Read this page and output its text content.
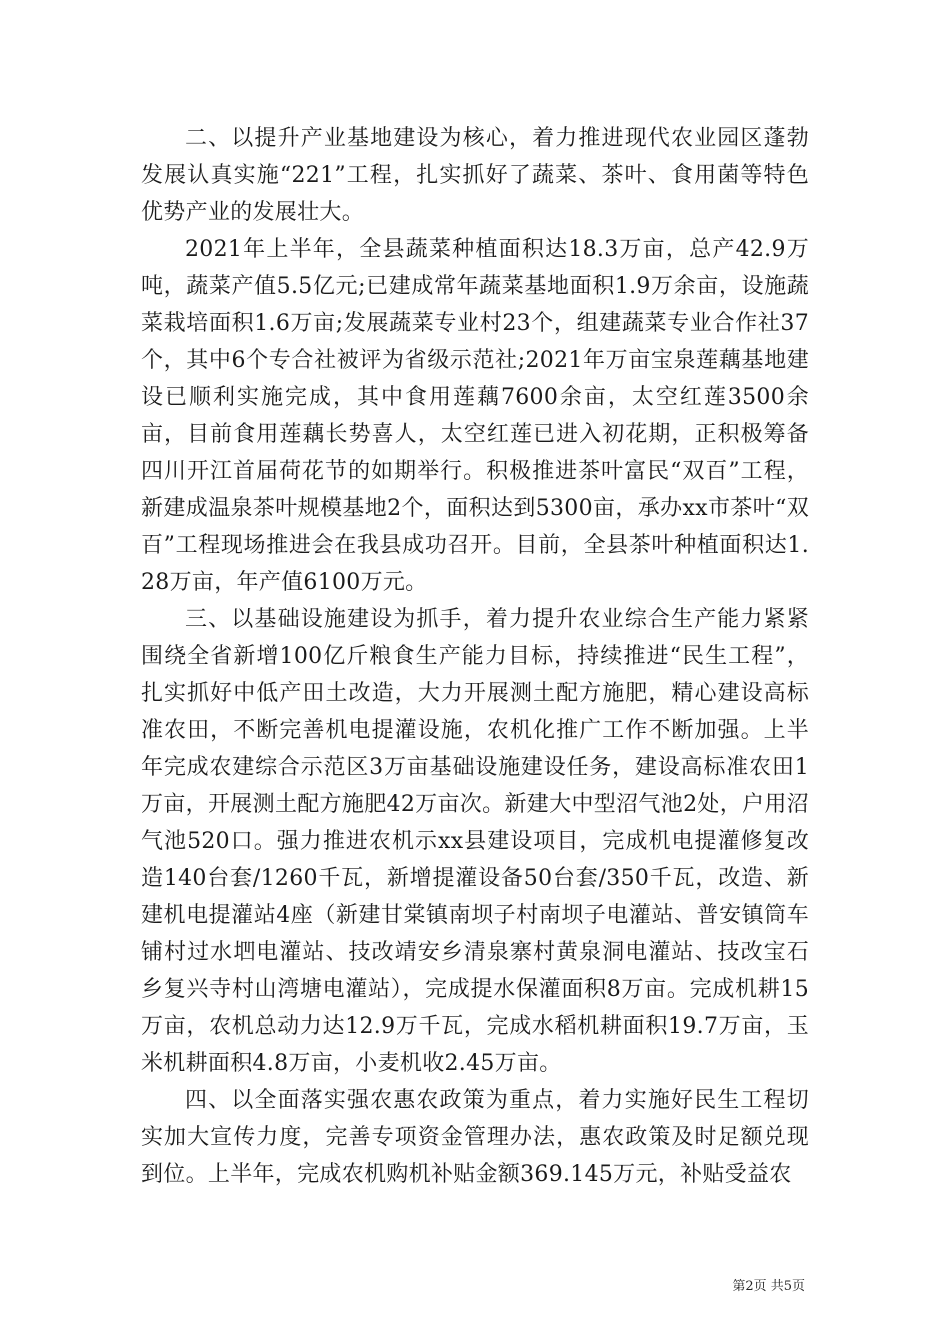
二、以提升产业基地建设为核心，着力推进现代农业园区蓬勃发展认真实施“221”工程，扎实抓好了蔬菜、茶叶、食用菌等特色优势产业的发展壮大。

2021年上半年，全县蔬菜种植面积达18.3万亩，总产42.9万吨，蔬菜产值5.5亿元;已建成常年蔬菜基地面积1.9万余亩，设施蔬菜栽培面积1.6万亩;发展蔬菜专业村23个，组建蔬菜专业合作社37个，其中6个专合社被评为省级示范社;2021年万亩宝泉莲藕基地建设已顺利实施完成，其中食用莲藕7600余亩，太空红莲3500余亩，目前食用莲藕长势喜人，太空红莲已进入初花期，正积极筹备四川开江首届荷花节的如期举行。积极推进茶叶富民“双百”工程，新建成温泉茶叶规模基地2个，面积达到5300亩，承办xx市茶叶“双百”工程现场推进会在我县成功召开。目前，全县茶叶种植面积达1.28万亩，年产值6100万元。

三、以基础设施建设为抓手，着力提升农业综合生产能力紧紧围绕全省新增100亿斤粮食生产能力目标，持续推进“民生工程”，扎实抓好中低产田土改造，大力开展测土配方施肥，精心建设高标准农田，不断完善机电提灌设施，农机化推广工作不断加强。上半年完成农建综合示范区3万亩基础设施建设任务，建设高标准农田1万亩，开展测土配方施肥42万亩次。新建大中型沼气池2处，户用沼气池520口。强力推进农机示xx县建设项目，完成机电提灌修复改造140台套/1260千瓦，新增提灌设备50台套/350千瓦，改造、新建机电提灌站4座（新建甘棠镇南坝子村南坝子电灌站、普安镇筒车铺村过水垇电灌站、技改靖安乡清泉寨村黄泉洞电灌站、技改宝石乡复兴寺村山湾塘电灌站），完成提水保灌面积8万亩。完成机耕15万亩，农机总动力达12.9万千瓦，完成水稻机耕面积19.7万亩，玉米机耕面积4.8万亩，小麦机收2.45万亩。

四、以全面落实强农惠农政策为重点，着力实施好民生工程切实加大宣传力度，完善专项资金管理办法，惠农政策及时足额兑现到位。上半年，完成农机购机补贴金额369.145万元，补贴受益农

第2页 共5页
